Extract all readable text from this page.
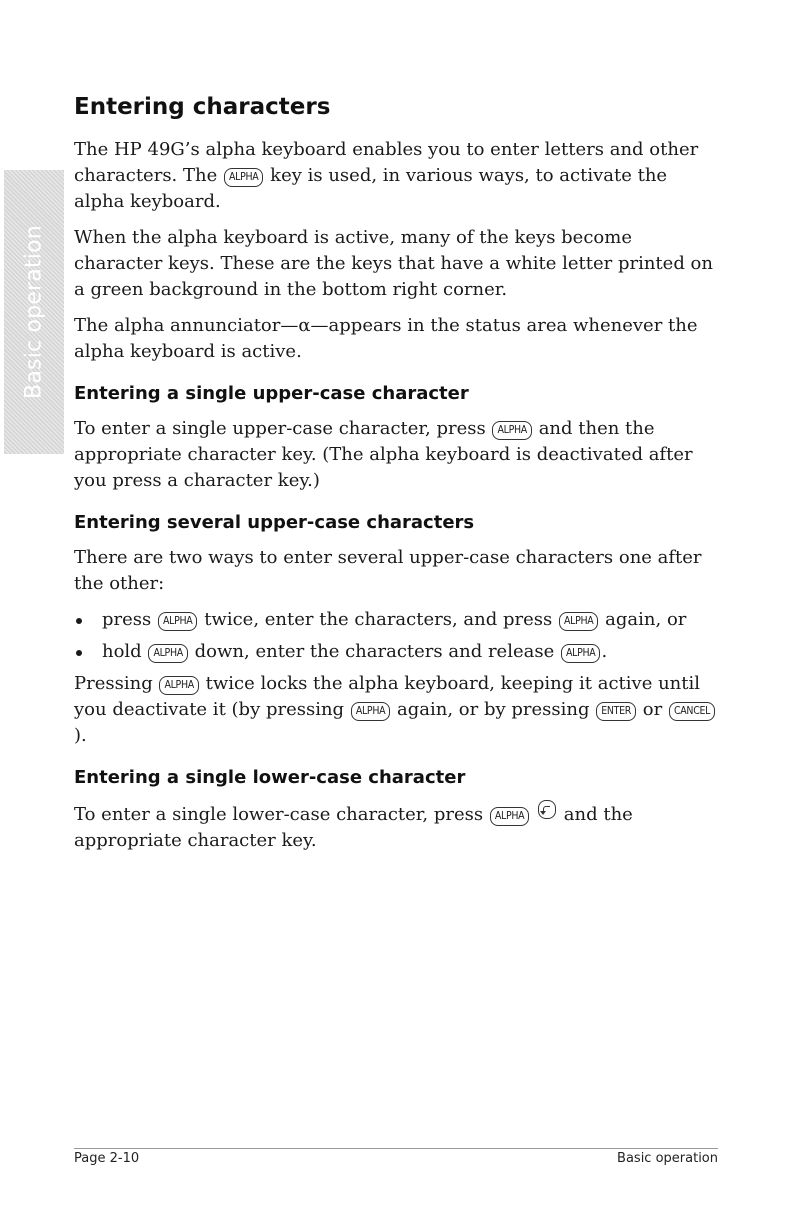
Basic operation
Entering characters

The HP 49G’s alpha keyboard enables you to enter letters and other characters. The ALPHA key is used, in various ways, to activate the alpha keyboard.

When the alpha keyboard is active, many of the keys become character keys. These are the keys that have a white letter printed on a green background in the bottom right corner.

The alpha annunciator—α—appears in the status area whenever the alpha keyboard is active.

Entering a single upper-case character

To enter a single upper-case character, press ALPHA and then the appropriate character key. (The alpha keyboard is deactivated after you press a character key.)

Entering several upper-case characters

There are two ways to enter several upper-case characters one after the other:

press ALPHA twice, enter the characters, and press ALPHA again, or
hold ALPHA down, enter the characters and release ALPHA .

Pressing ALPHA twice locks the alpha keyboard, keeping it active until you deactivate it (by pressing ALPHA again, or by pressing ENTER or CANCEL).

Entering a single lower-case character

To enter a single lower-case character, press ALPHA  and the appropriate character key.

Page 2-10	Basic operation
